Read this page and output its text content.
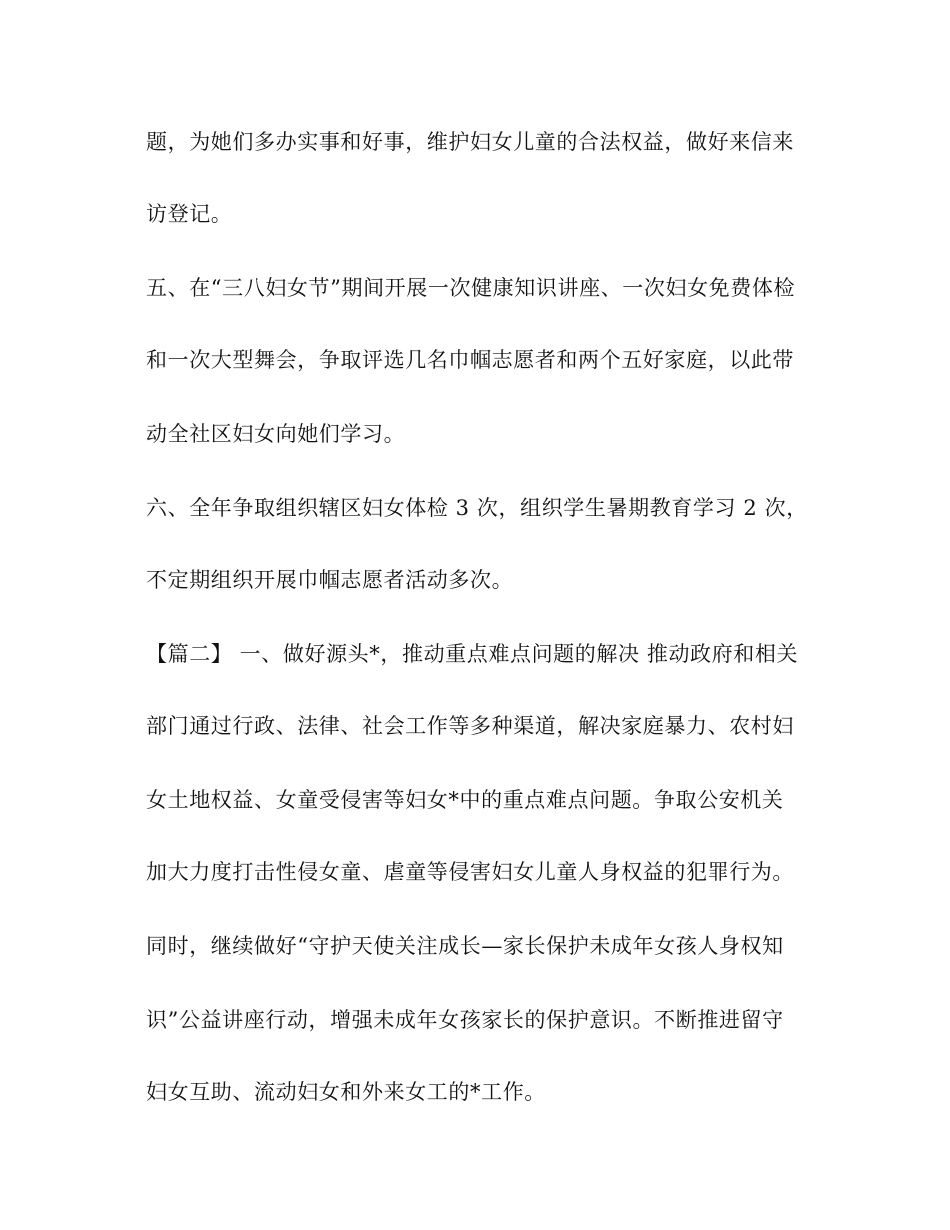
题，为她们多办实事和好事，维护妇女儿童的合法权益，做好来信来
访登记。
五、在“三八妇女节”期间开展一次健康知识讲座、一次妇女免费体检
和一次大型舞会，争取评选几名巾帼志愿者和两个五好家庭，以此带
动全社区妇女向她们学习。
六、全年争取组织辖区妇女体检 3 次，组织学生暑期教育学习 2 次，
不定期组织开展巾帼志愿者活动多次。
【篇二】 一、做好源头*，推动重点难点问题的解决 推动政府和相关
部门通过行政、法律、社会工作等多种渠道，解决家庭暴力、农村妇
女土地权益、女童受侵害等妇女*中的重点难点问题。争取公安机关
加大力度打击性侵女童、虐童等侵害妇女儿童人身权益的犯罪行为。
同时，继续做好“守护天使关注成长—家长保护未成年女孩人身权知
识”公益讲座行动，增强未成年女孩家长的保护意识。不断推进留守
妇女互助、流动妇女和外来女工的*工作。
